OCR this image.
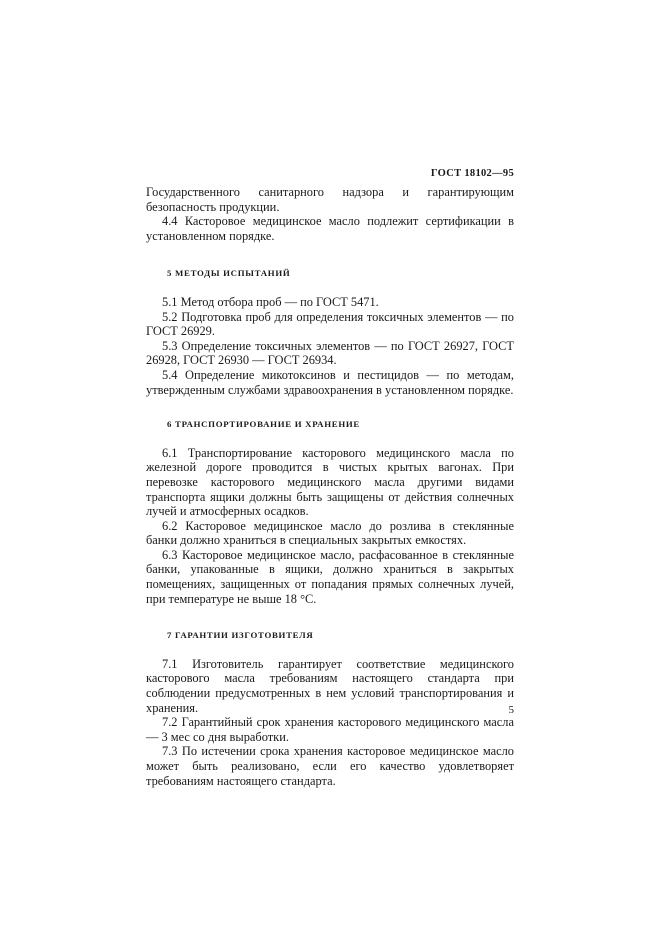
ГОСТ 18102—95

Государственного санитарного надзора и гарантирующим безопасность продукции.

4.4 Касторовое медицинское масло подлежит сертификации в установленном порядке.

5 МЕТОДЫ ИСПЫТАНИЙ

5.1 Метод отбора проб — по ГОСТ 5471.

5.2 Подготовка проб для определения токсичных элементов — по ГОСТ 26929.

5.3 Определение токсичных элементов — по ГОСТ 26927, ГОСТ 26928, ГОСТ 26930 — ГОСТ 26934.

5.4 Определение микотоксинов и пестицидов — по методам, утвержденным службами здравоохранения в установленном порядке.

6 ТРАНСПОРТИРОВАНИЕ И ХРАНЕНИЕ

6.1 Транспортирование касторового медицинского масла по железной дороге проводится в чистых крытых вагонах. При перевозке касторового медицинского масла другими видами транспорта ящики должны быть защищены от действия солнечных лучей и атмосферных осадков.

6.2 Касторовое медицинское масло до розлива в стеклянные банки должно храниться в специальных закрытых емкостях.

6.3 Касторовое медицинское масло, расфасованное в стеклянные банки, упакованные в ящики, должно храниться в закрытых помещениях, защищенных от попадания прямых солнечных лучей, при температуре не выше 18 °С.

7 ГАРАНТИИ ИЗГОТОВИТЕЛЯ

7.1 Изготовитель гарантирует соответствие медицинского касторового масла требованиям настоящего стандарта при соблюдении предусмотренных в нем условий транспортирования и хранения.

7.2 Гарантийный срок хранения касторового медицинского масла — 3 мес со дня выработки.

7.3 По истечении срока хранения касторовое медицинское масло может быть реализовано, если его качество удовлетворяет требованиям настоящего стандарта.

5
